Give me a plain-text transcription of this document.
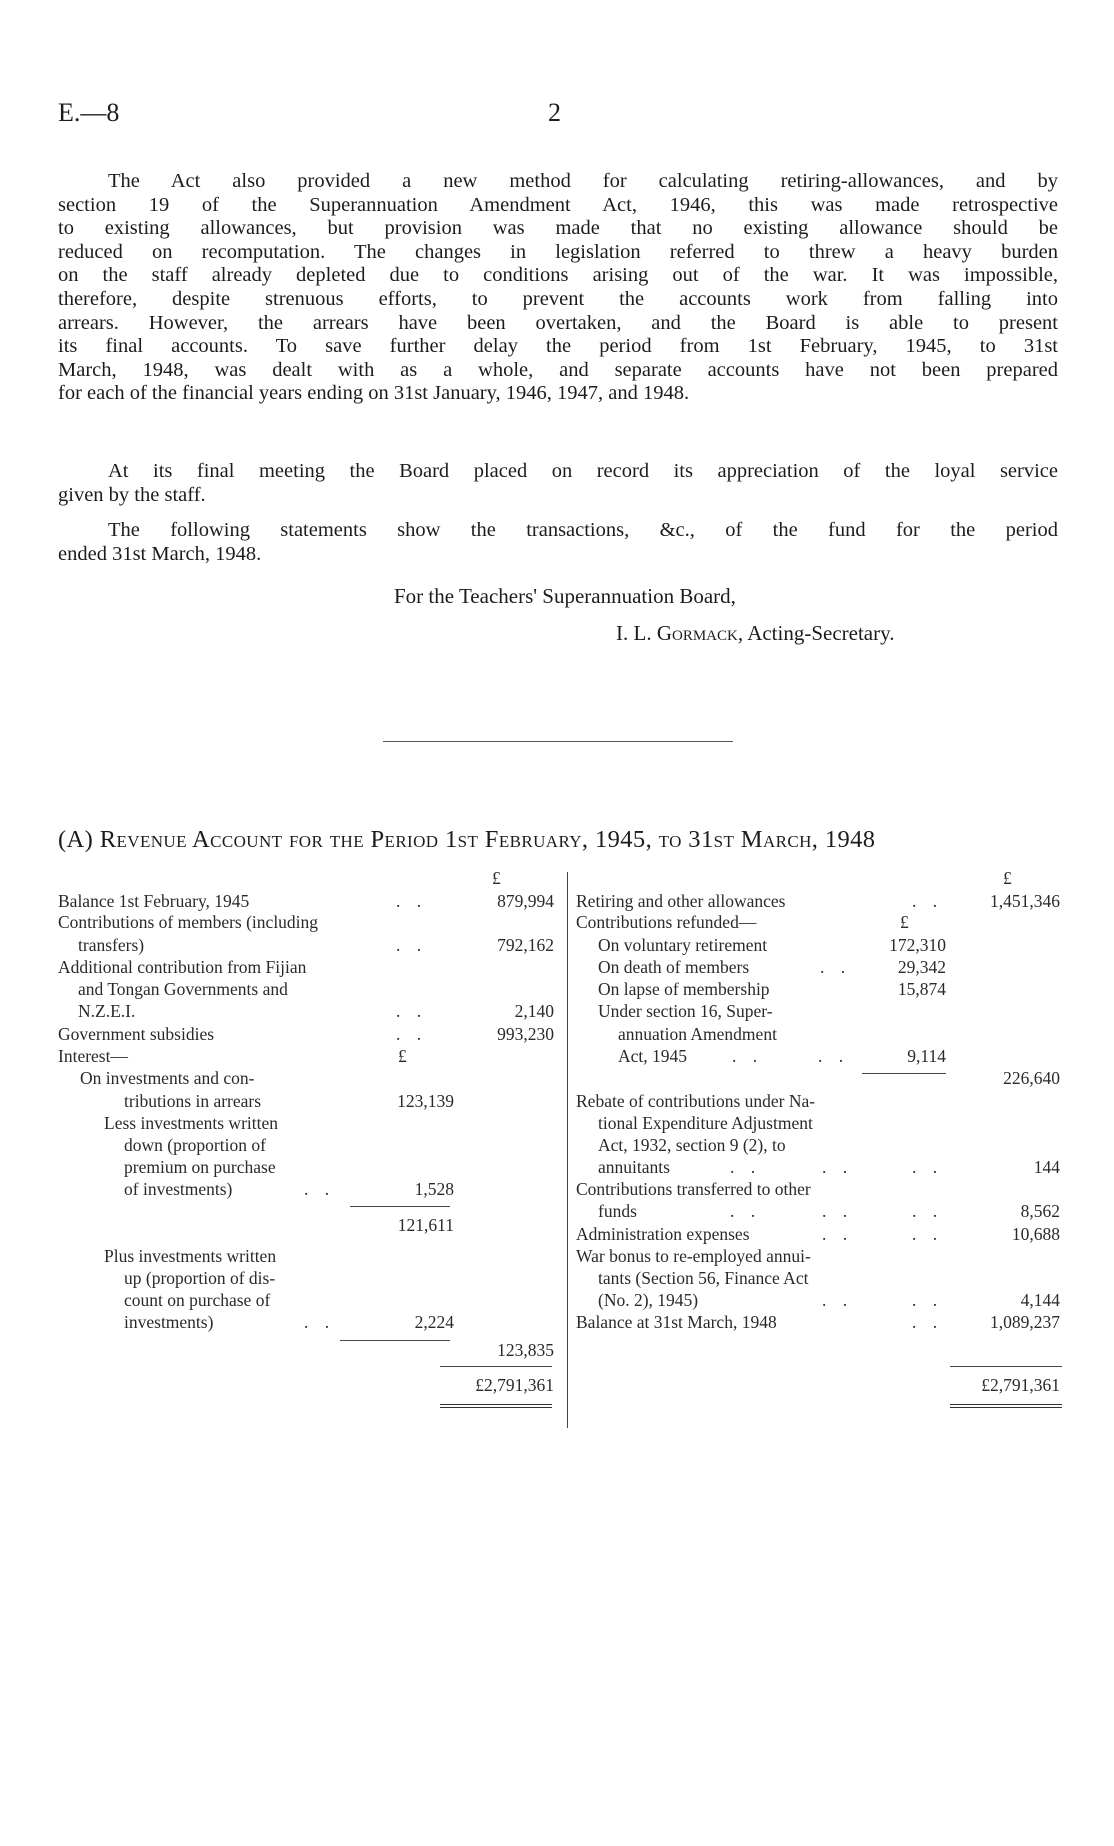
E.—8	2
The Act also provided a new method for calculating retiring-allowances, and by
section 19 of the Superannuation Amendment Act, 1946, this was made retrospective
to existing allowances, but provision was made that no existing allowance should be
reduced on recomputation. The changes in legislation referred to threw a heavy burden
on the staff already depleted due to conditions arising out of the war. It was impossible,
therefore, despite strenuous efforts, to prevent the accounts work from falling into
arrears. However, the arrears have been overtaken, and the Board is able to present
its final accounts. To save further delay the period from 1st February, 1945, to 31st
March, 1948, was dealt with as a whole, and separate accounts have not been prepared
for each of the financial years ending on 31st January, 1946, 1947, and 1948.
At its final meeting the Board placed on record its appreciation of the loyal service
given by the staff.
The following statements show the transactions, &c., of the fund for the period
ended 31st March, 1948.
For the Teachers' Superannuation Board,
I. L. Gormack, Acting-Secretary.
(A) Revenue Account for the Period 1st February, 1945, to 31st March, 1948
£	£
Balance 1st February, 1945	. .	879,994
Contributions of members (including
transfers)	. .	792,162
Additional contribution from Fijian
and Tongan Governments and
N.Z.E.I.	. .	2,140
Government subsidies	. .	993,230
Interest—	£
On investments and con-
tributions in arrears	123,139
Less investments written
down (proportion of
premium on purchase
of investments)	. .	1,528
121,611
Plus investments written
up (proportion of dis-
count on purchase of
investments)	. .	2,224
123,835
£2,791,361
Retiring and other allowances	. .	1,451,346
Contributions refunded—	£
On voluntary retirement	172,310
On death of members	. .	29,342
On lapse of membership	15,874
Under section 16, Super-
annuation Amendment
Act, 1945	. .	. .	9,114
226,640
Rebate of contributions under Na-
tional Expenditure Adjustment
Act, 1932, section 9 (2), to
annuitants	. .	. .	. .	144
Contributions transferred to other
funds	. .	. .	. .	8,562
Administration expenses	. .	. .	10,688
War bonus to re-employed annui-
tants (Section 56, Finance Act
(No. 2), 1945)	. .	. .	4,144
Balance at 31st March, 1948	. .	1,089,237
£2,791,361
